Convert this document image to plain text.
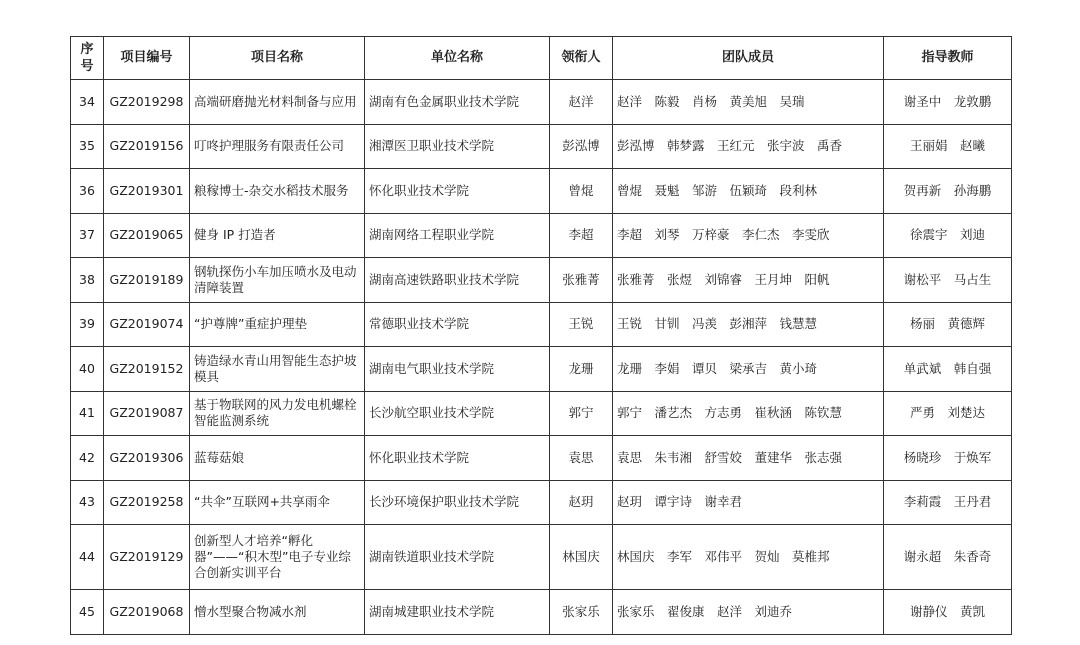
序号	项目编号	项目名称	单位名称	领衔人	团队成员	指导教师
34	GZ2019298	高端研磨抛光材料制备与应用	湖南有色金属职业技术学院	赵洋	赵洋　陈毅　肖杨　黄美旭　吴瑞	谢圣中　龙敦鹏
35	GZ2019156	叮咚护理服务有限责任公司	湘潭医卫职业技术学院	彭泓博	彭泓博　韩梦露　王红元　张宇波　禹香	王丽娟　赵曦
36	GZ2019301	粮稼博士-杂交水稻技术服务	怀化职业技术学院	曾焜	曾焜　聂魁　邹游　伍颖琦　段利林	贺再新　孙海鹏
37	GZ2019065	健身 IP 打造者	湖南网络工程职业学院	李超	李超　刘琴　万梓豪　李仁杰　李雯欣	徐震宇　刘迪
38	GZ2019189	钢轨探伤小车加压喷水及电动清障装置	湖南高速铁路职业技术学院	张雅菁	张雅菁　张煜　刘锦睿　王月坤　阳帆	谢松平　马占生
39	GZ2019074	“护尊牌”重症护理垫	常德职业技术学院	王锐	王锐　甘钏　冯羡　彭湘萍　钱慧慧	杨丽　黄德辉
40	GZ2019152	铸造绿水青山用智能生态护坡模具	湖南电气职业技术学院	龙珊	龙珊　李娟　谭贝　梁承吉　黄小琦	单武斌　韩自强
41	GZ2019087	基于物联网的风力发电机螺栓智能监测系统	长沙航空职业技术学院	郭宁	郭宁　潘艺杰　方志勇　崔秋涵　陈钦慧	严勇　刘楚达
42	GZ2019306	蓝莓菇娘	怀化职业技术学院	袁思	袁思　朱韦湘　舒雪姣　董建华　张志强	杨晓珍　于焕军
43	GZ2019258	“共伞”互联网+共享雨伞	长沙环境保护职业技术学院	赵玥	赵玥　谭宇诗　谢幸君	李莉霞　王丹君
44	GZ2019129	创新型人才培养“孵化器”——“积木型”电子专业综合创新实训平台	湖南铁道职业技术学院	林国庆	林国庆　李军　邓伟平　贺灿　莫椎邦	谢永超　朱香奇
45	GZ2019068	憎水型聚合物减水剂	湖南城建职业技术学院	张家乐	张家乐　翟俊康　赵洋　刘迪乔	谢静仪　黄凯
